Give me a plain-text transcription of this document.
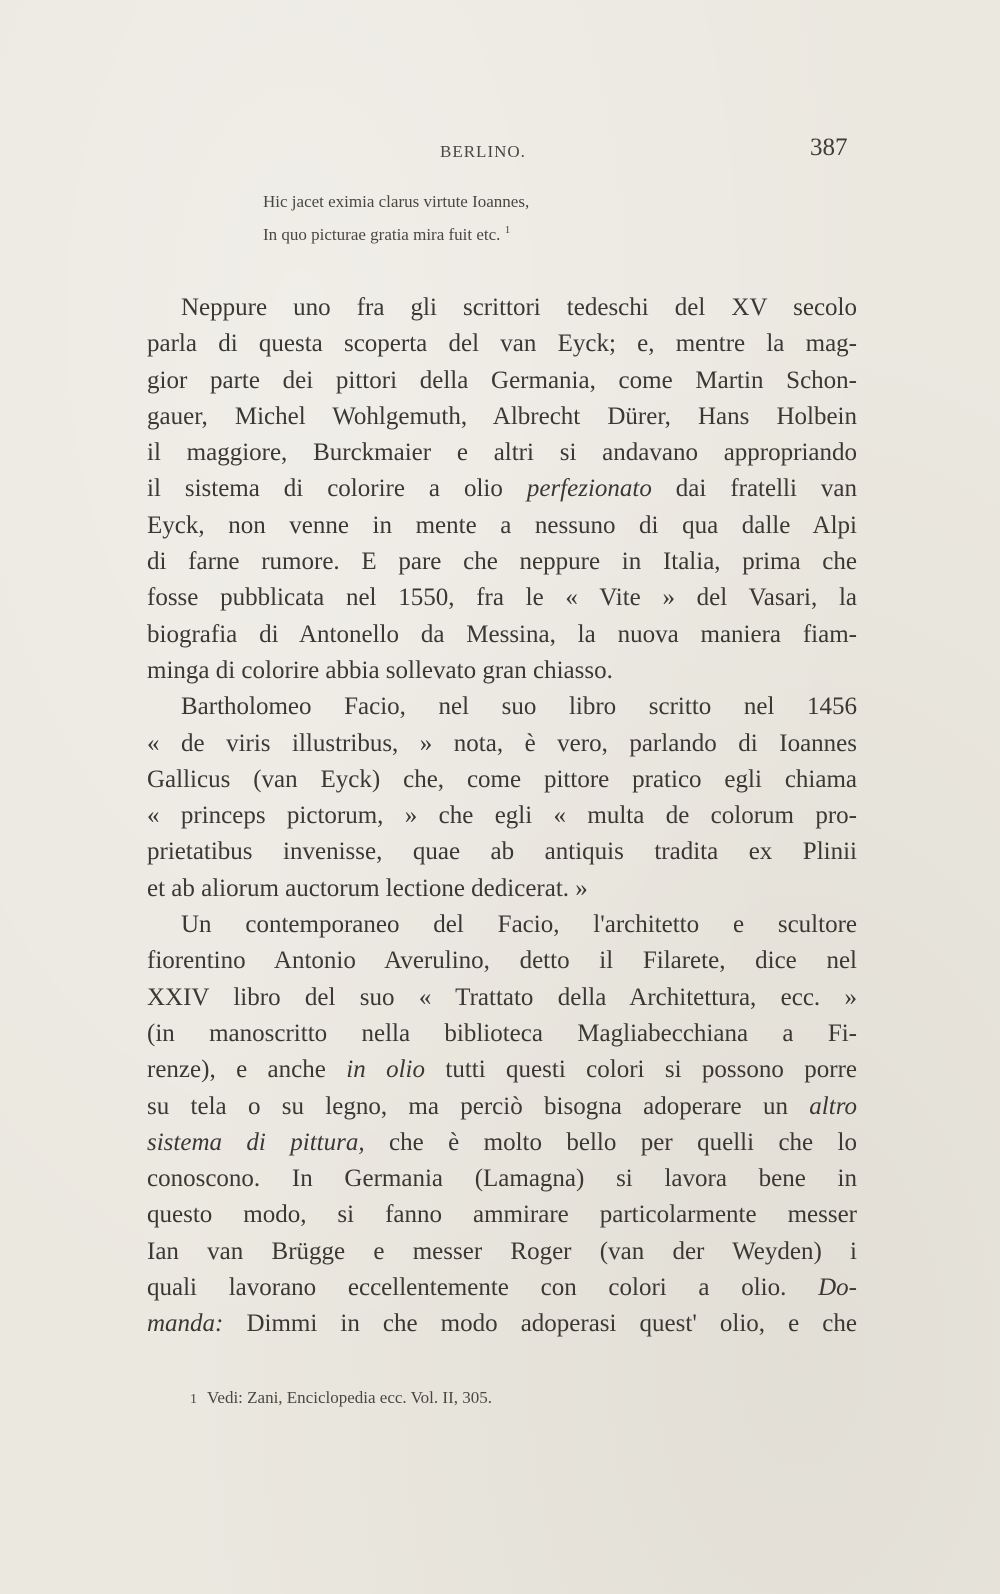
BERLINO.	387
Hic jacet eximia clarus virtute Ioannes,
In quo picturae gratia mira fuit etc. $^1$
Neppure uno fra gli scrittori tedeschi del XV secolo
parla di questa scoperta del van Eyck; e, mentre la mag-
gior parte dei pittori della Germania, come Martin Schon-
gauer, Michel Wohlgemuth, Albrecht Dürer, Hans Holbein
il maggiore, Burckmaier e altri si andavano appropriando
il sistema di colorire a olio perfezionato dai fratelli van
Eyck, non venne in mente a nessuno di qua dalle Alpi
di farne rumore. E pare che neppure in Italia, prima che
fosse pubblicata nel 1550, fra le « Vite » del Vasari, la
biografia di Antonello da Messina, la nuova maniera fiam-
minga di colorire abbia sollevato gran chiasso.
Bartholomeo Facio, nel suo libro scritto nel 1456
« de viris illustribus, » nota, è vero, parlando di Ioannes
Gallicus (van Eyck) che, come pittore pratico egli chiama
« princeps pictorum, » che egli « multa de colorum pro-
prietatibus invenisse, quae ab antiquis tradita ex Plinii
et ab aliorum auctorum lectione dedicerat. »
Un contemporaneo del Facio, l'architetto e scultore
fiorentino Antonio Averulino, detto il Filarete, dice nel
XXIV libro del suo « Trattato della Architettura, ecc. »
(in manoscritto nella biblioteca Magliabecchiana a Fi-
renze), e anche in olio tutti questi colori si possono porre
su tela o su legno, ma perciò bisogna adoperare un altro
sistema di pittura, che è molto bello per quelli che lo
conoscono. In Germania (Lamagna) si lavora bene in
questo modo, si fanno ammirare particolarmente messer
Ian van Brügge e messer Roger (van der Weyden) i
quali lavorano eccellentemente con colori a olio. Do-
manda: Dimmi in che modo adoperasi quest' olio, e che
1 Vedi: Zani, Enciclopedia ecc. Vol. II, 305.
